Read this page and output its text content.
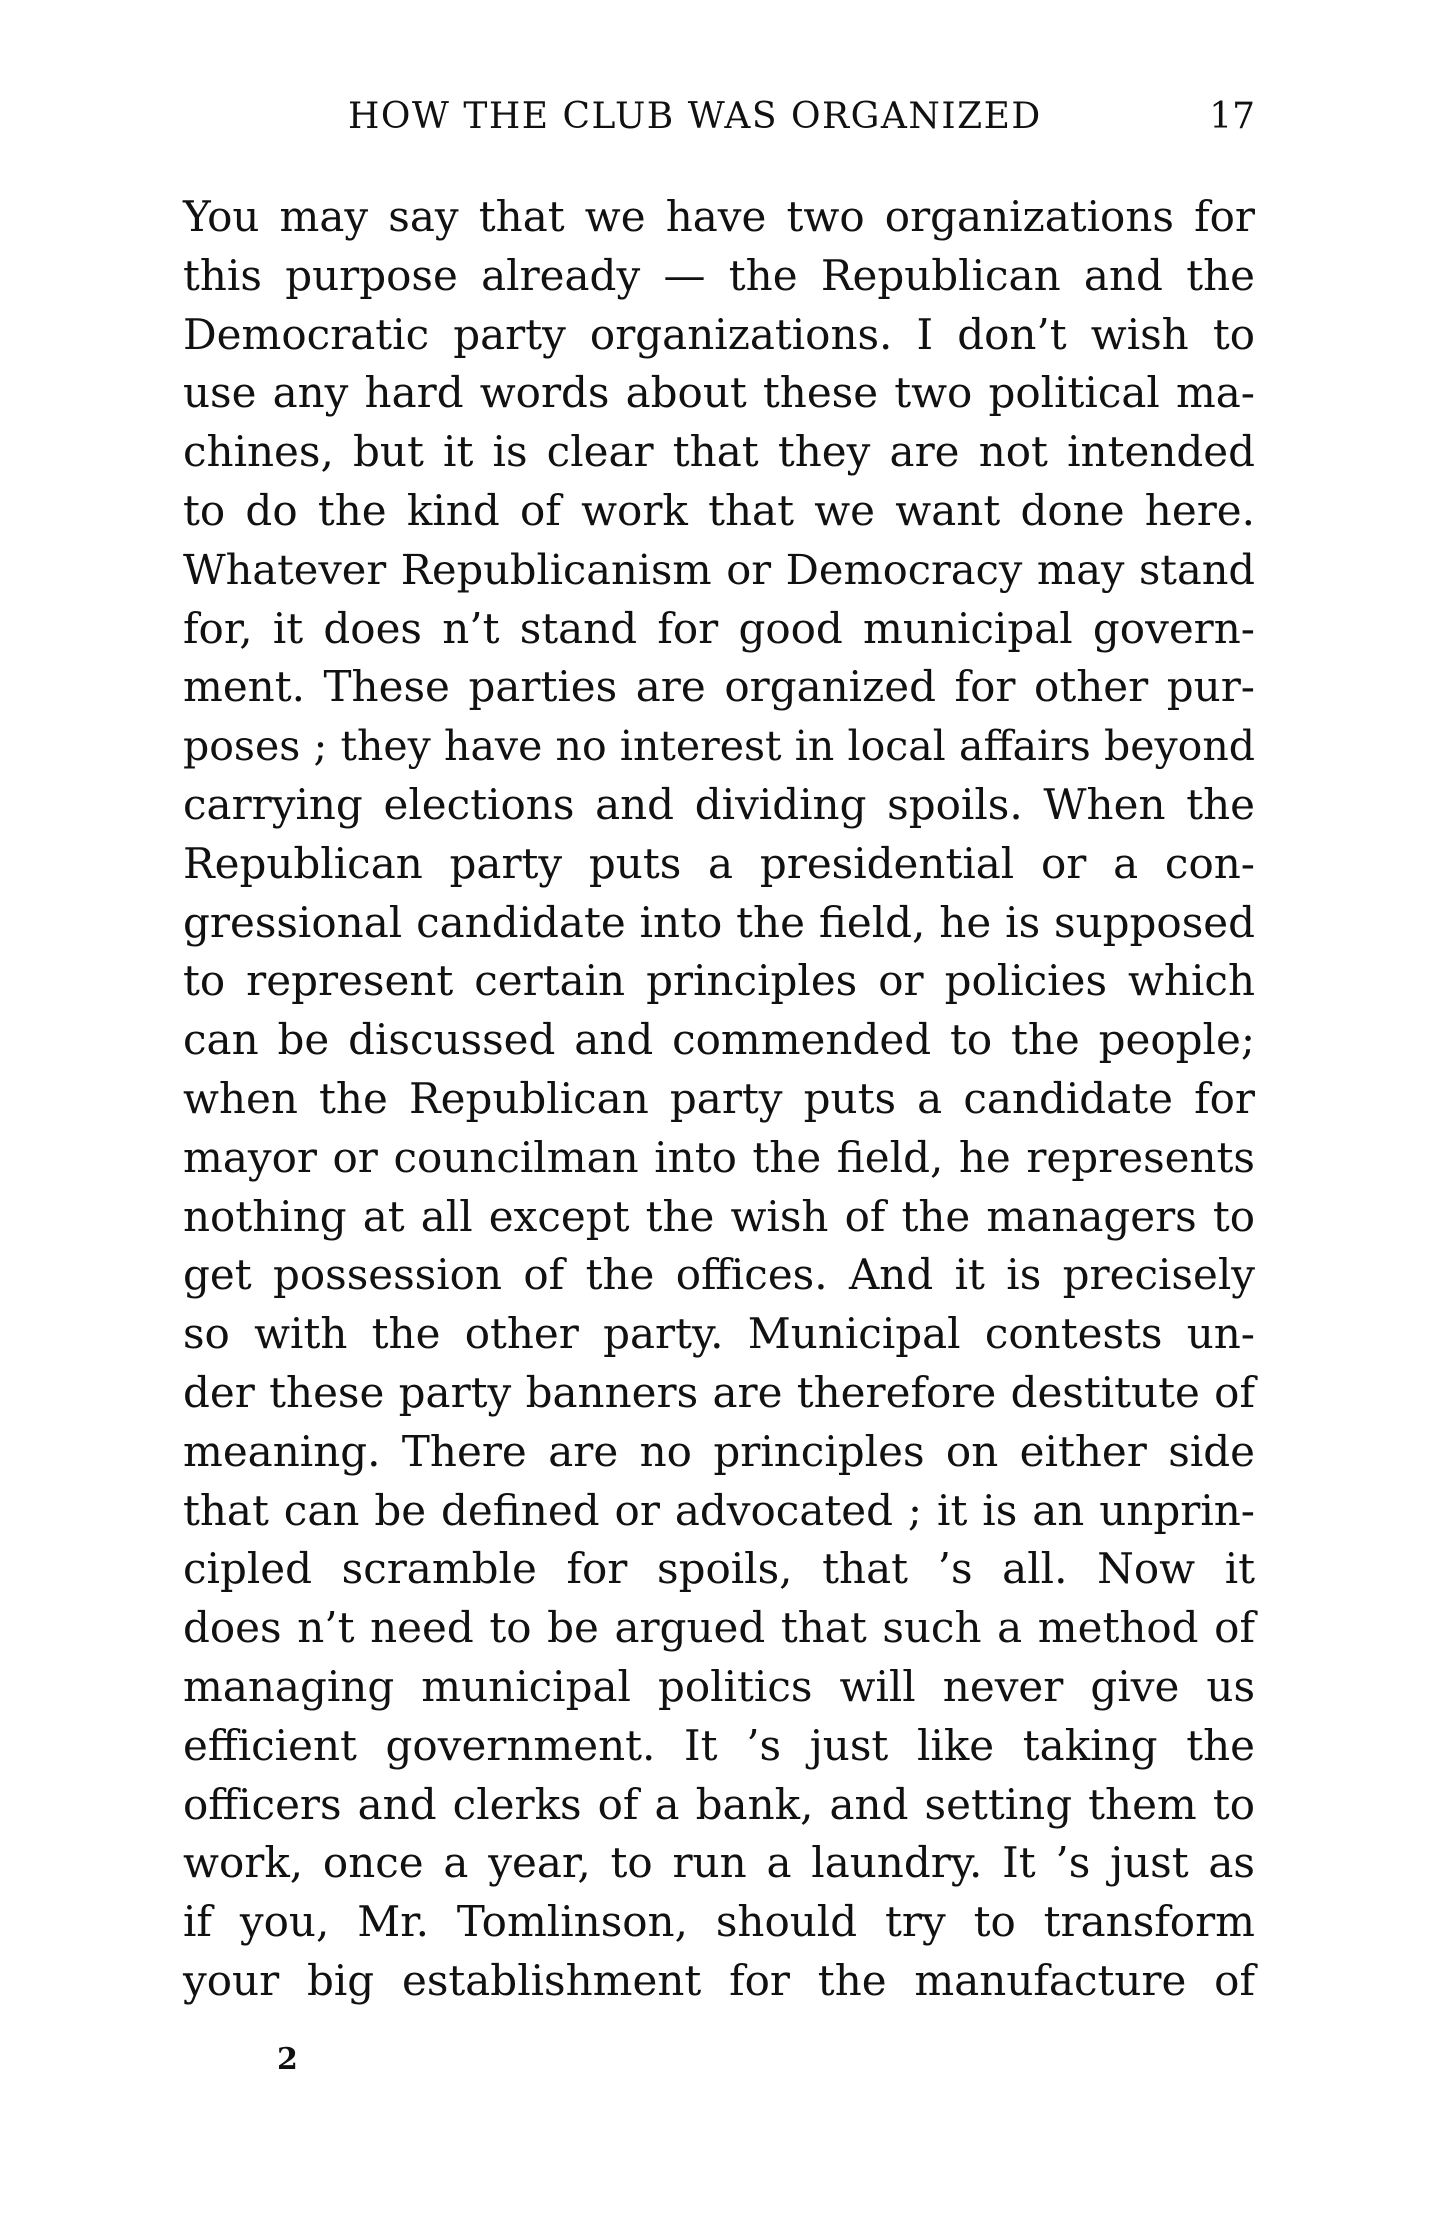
HOW THE CLUB WAS ORGANIZED	17
You may say that we have two organizations for
this purpose already — the Republican and the
Democratic party organizations. I don’t wish to
use any hard words about these two political ma-
chines, but it is clear that they are not intended
to do the kind of work that we want done here.
Whatever Republicanism or Democracy may stand
for, it does n’t stand for good municipal govern-
ment. These parties are organized for other pur-
poses ; they have no interest in local affairs beyond
carrying elections and dividing spoils. When the
Republican party puts a presidential or a con-
gressional candidate into the field, he is supposed
to represent certain principles or policies which
can be discussed and commended to the people;
when the Republican party puts a candidate for
mayor or councilman into the field, he represents
nothing at all except the wish of the managers to
get possession of the offices. And it is precisely
so with the other party. Municipal contests un-
der these party banners are therefore destitute of
meaning. There are no principles on either side
that can be defined or advocated ; it is an unprin-
cipled scramble for spoils, that ’s all. Now it
does n’t need to be argued that such a method of
managing municipal politics will never give us
efficient government. It ’s just like taking the
officers and clerks of a bank, and setting them to
work, once a year, to run a laundry. It ’s just as
if you, Mr. Tomlinson, should try to transform
your big establishment for the manufacture of
2
